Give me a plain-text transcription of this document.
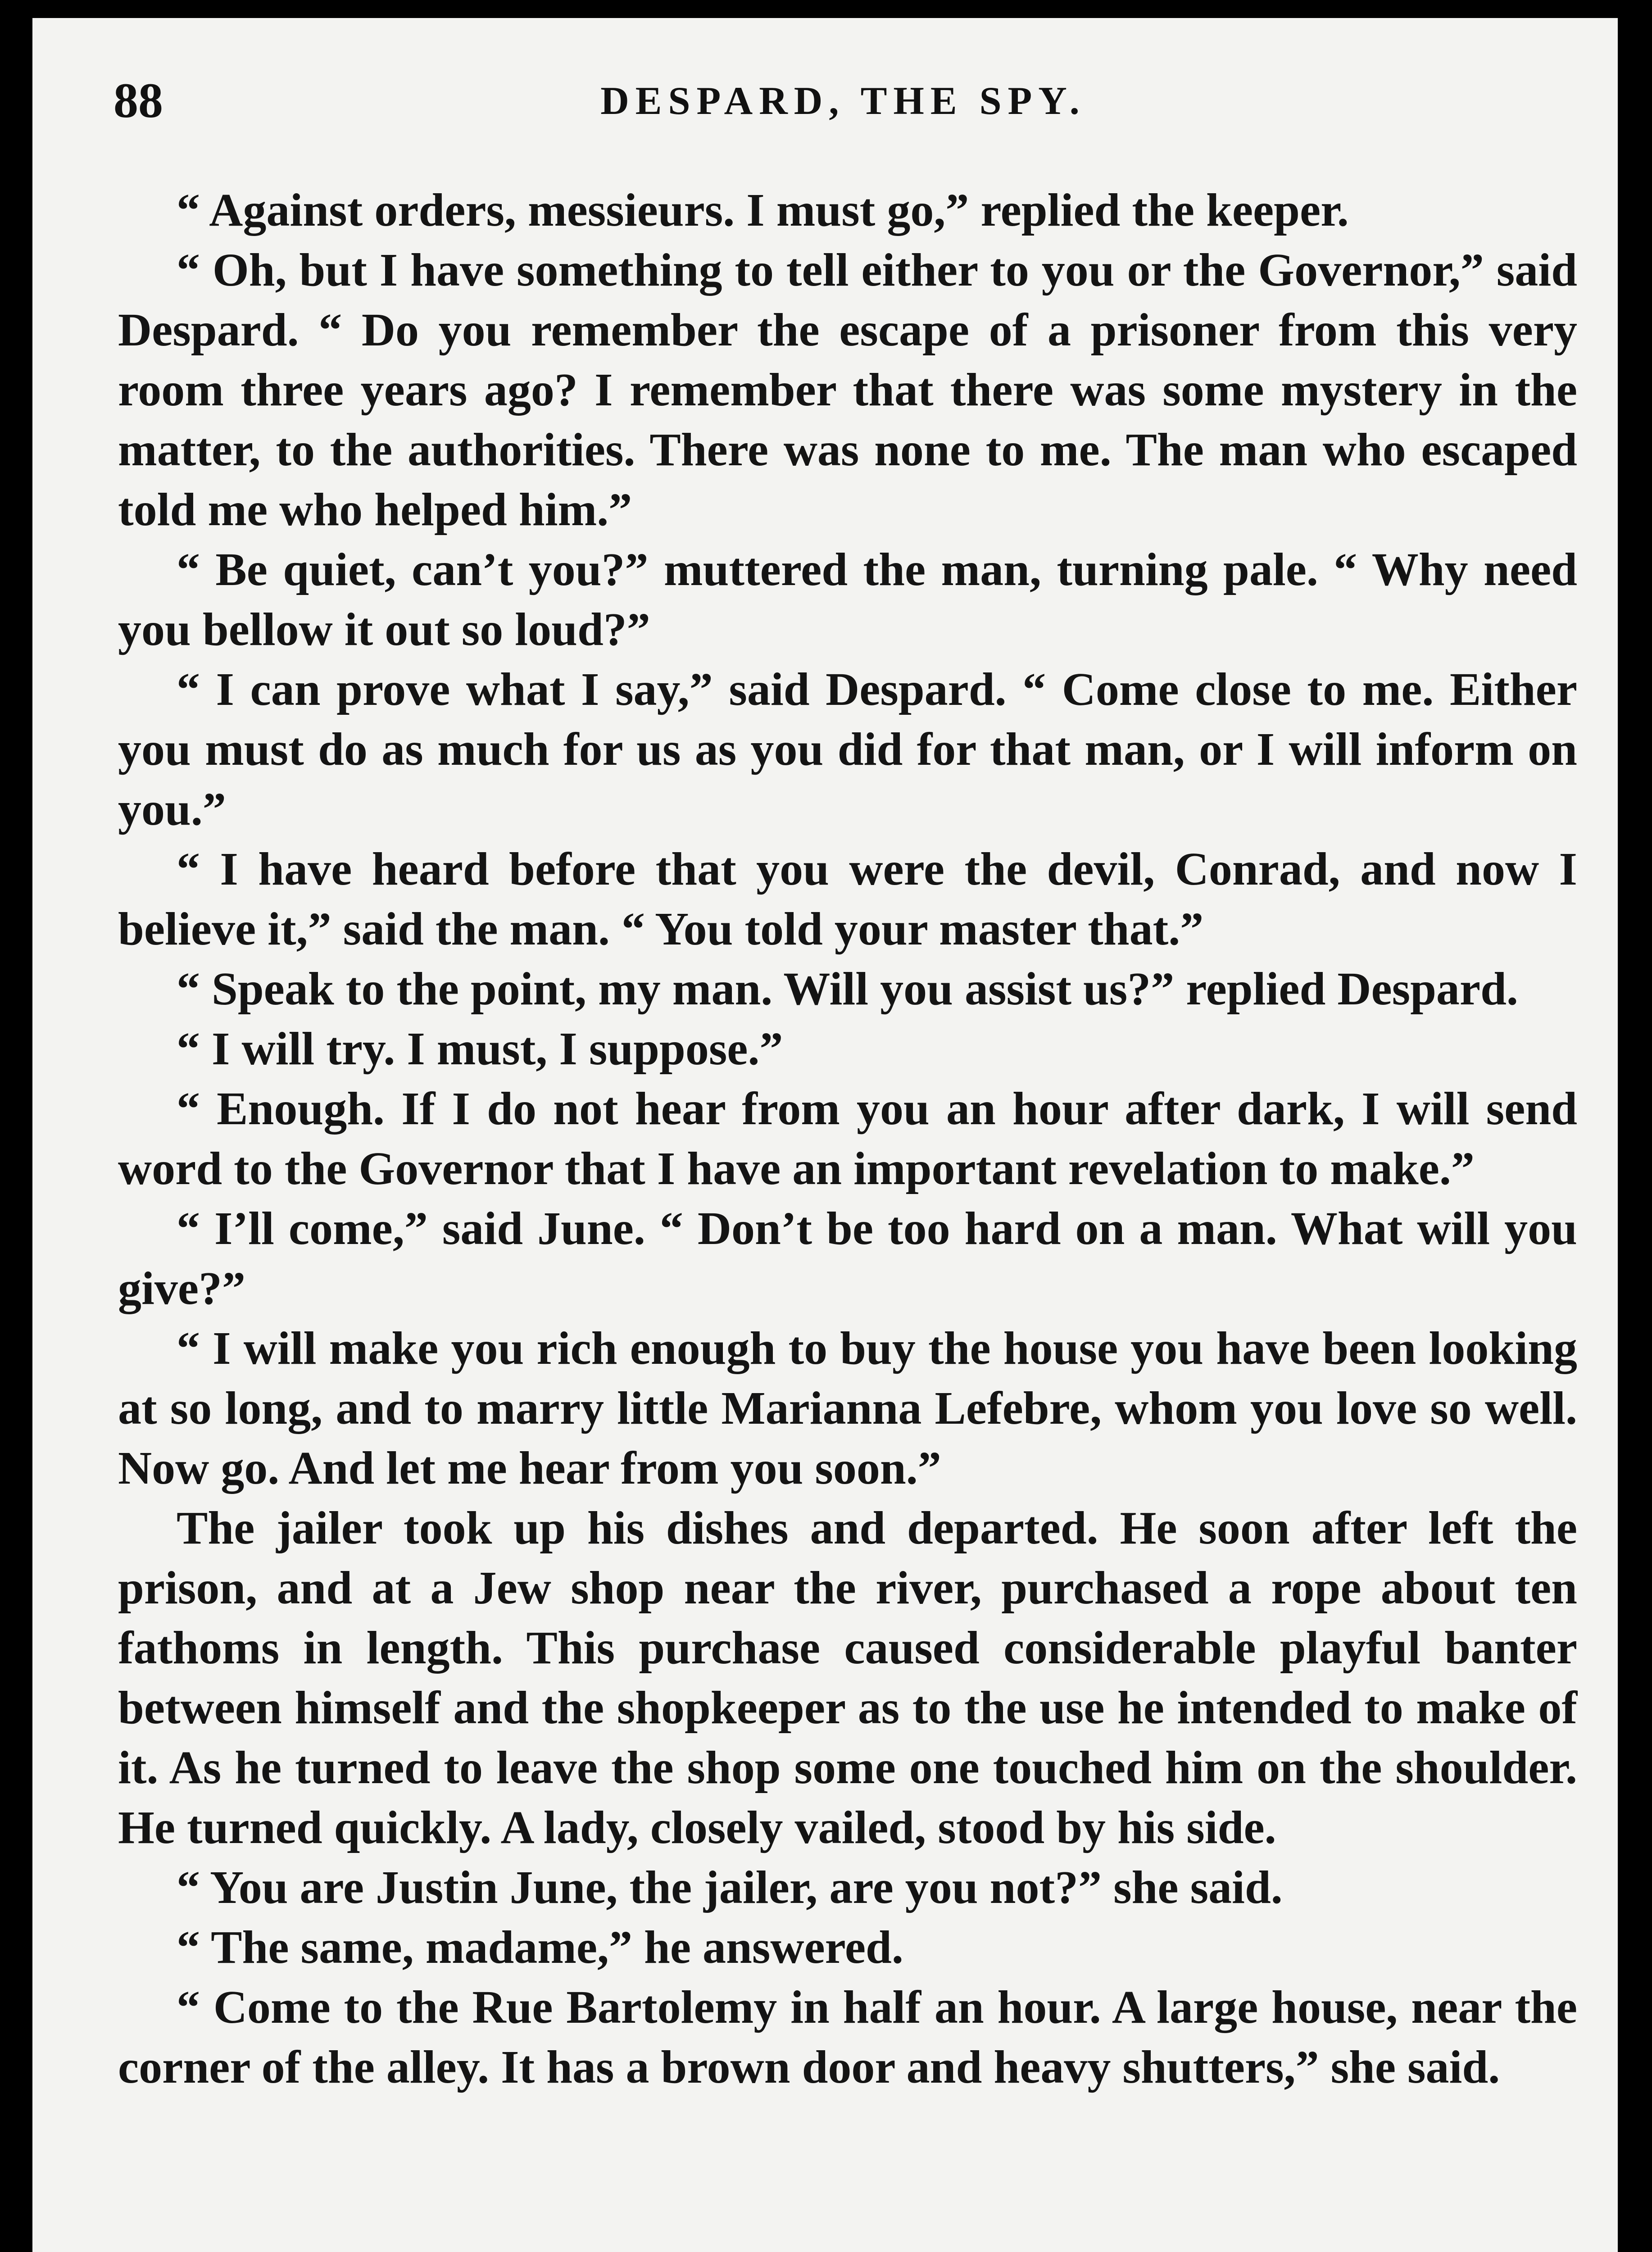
88	DESPARD, THE SPY.

“ Against orders, messieurs. I must go,” replied the keeper.

“ Oh, but I have something to tell either to you or the Governor,” said Despard. “ Do you remember the escape of a prisoner from this very room three years ago? I remember that there was some mystery in the matter, to the authorities. There was none to me. The man who escaped told me who helped him.”

“ Be quiet, can’t you?” muttered the man, turning pale. “ Why need you bellow it out so loud?”

“ I can prove what I say,” said Despard. “ Come close to me. Either you must do as much for us as you did for that man, or I will inform on you.”

“ I have heard before that you were the devil, Conrad, and now I believe it,” said the man. “ You told your master that.”

“ Speak to the point, my man. Will you assist us?” replied Despard.

“ I will try. I must, I suppose.”

“ Enough. If I do not hear from you an hour after dark, I will send word to the Governor that I have an important revelation to make.”

“ I’ll come,” said June. “ Don’t be too hard on a man. What will you give?”

“ I will make you rich enough to buy the house you have been looking at so long, and to marry little Marianna Lefebre, whom you love so well. Now go. And let me hear from you soon.”

The jailer took up his dishes and departed. He soon after left the prison, and at a Jew shop near the river, purchased a rope about ten fathoms in length. This purchase caused considerable playful banter between himself and the shopkeeper as to the use he intended to make of it. As he turned to leave the shop some one touched him on the shoulder. He turned quickly. A lady, closely vailed, stood by his side.

“ You are Justin June, the jailer, are you not?” she said.

“ The same, madame,” he answered.

“ Come to the Rue Bartolemy in half an hour. A large house, near the corner of the alley. It has a brown door and heavy shutters,” she said.
